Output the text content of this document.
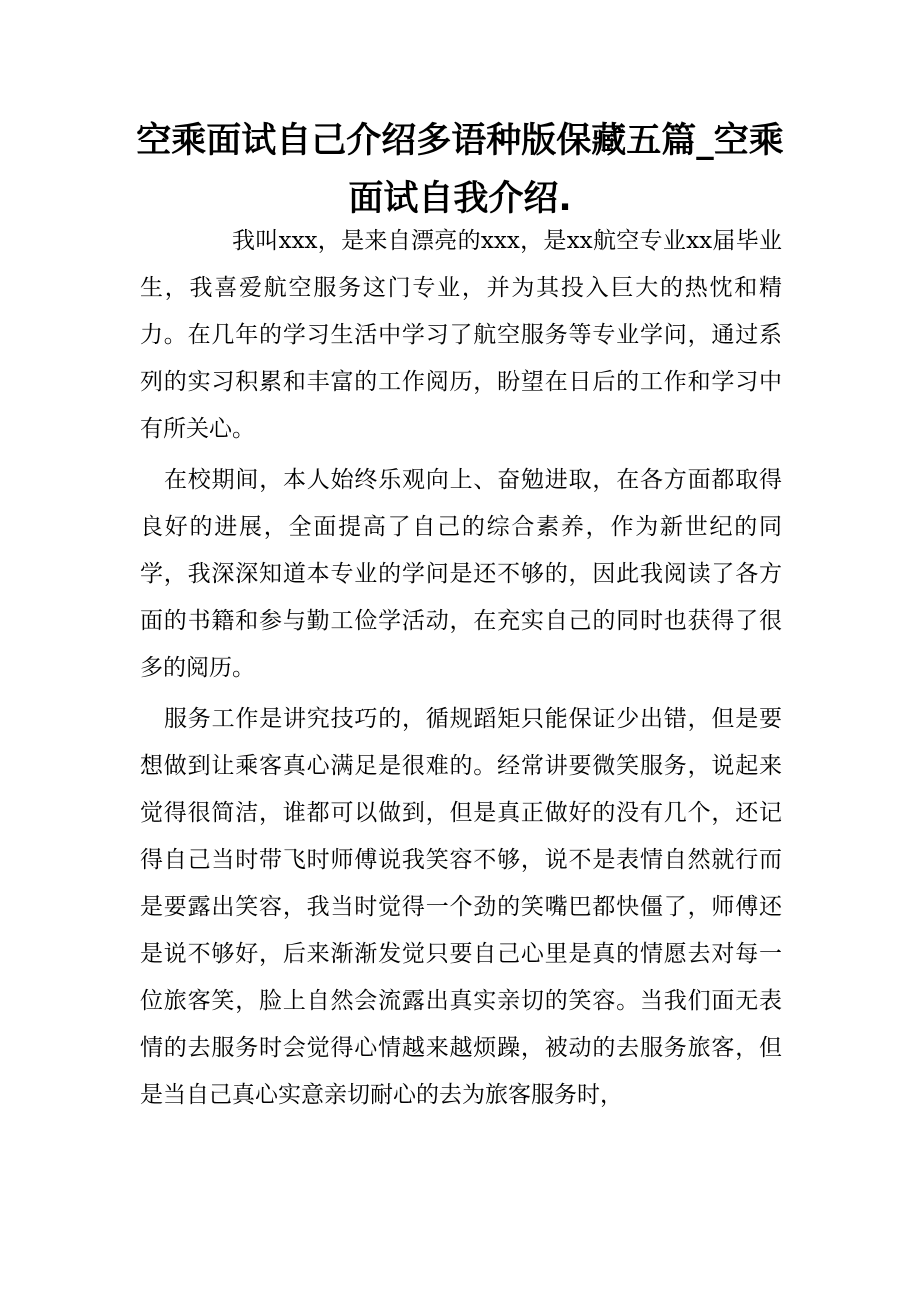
空乘面试自己介绍多语种版保藏五篇_空乘面试自我介绍.

我叫xxx，是来自漂亮的xxx，是xx航空专业xx届毕业生，我喜爱航空服务这门专业，并为其投入巨大的热忱和精力。在几年的学习生活中学习了航空服务等专业学问，通过系列的实习积累和丰富的工作阅历，盼望在日后的工作和学习中有所关心。

在校期间，本人始终乐观向上、奋勉进取，在各方面都取得良好的进展，全面提高了自己的综合素养，作为新世纪的同学，我深深知道本专业的学问是还不够的，因此我阅读了各方面的书籍和参与勤工俭学活动，在充实自己的同时也获得了很多的阅历。

服务工作是讲究技巧的，循规蹈矩只能保证少出错，但是要想做到让乘客真心满足是很难的。经常讲要微笑服务，说起来觉得很简洁，谁都可以做到，但是真正做好的没有几个，还记得自己当时带飞时师傅说我笑容不够，说不是表情自然就行而是要露出笑容，我当时觉得一个劲的笑嘴巴都快僵了，师傅还是说不够好，后来渐渐发觉只要自己心里是真的情愿去对每一位旅客笑，脸上自然会流露出真实亲切的笑容。当我们面无表情的去服务时会觉得心情越来越烦躁，被动的去服务旅客，但是当自己真心实意亲切耐心的去为旅客服务时，
